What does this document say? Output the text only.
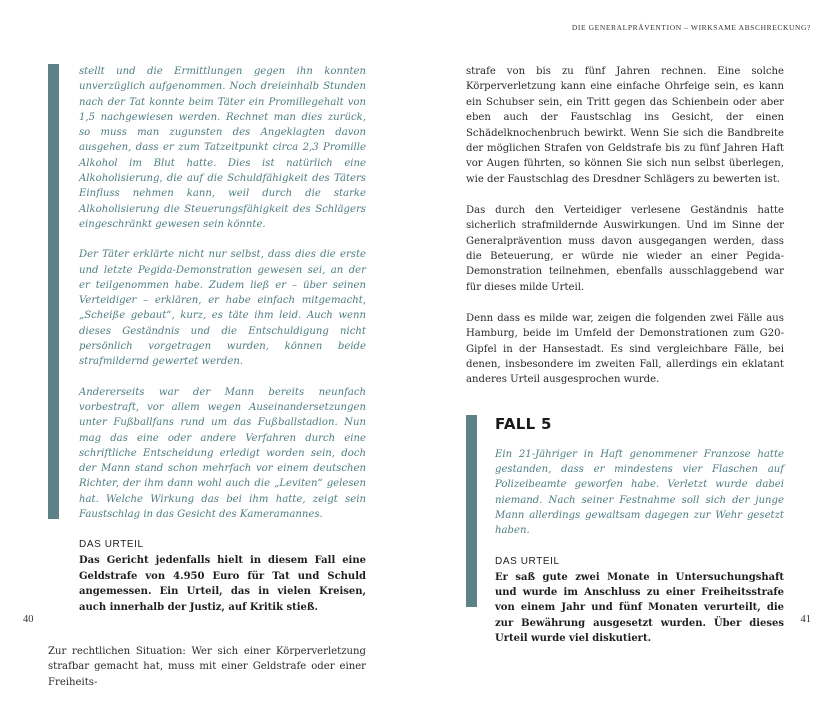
DIE GENERALPRÄVENTION – WIRKSAME ABSCHRECKUNG?

stellt und die Ermittlungen gegen ihn konnten unverzüglich aufgenommen. Noch dreieinhalb Stunden nach der Tat konnte beim Täter ein Promillegehalt von 1,5 nachgewiesen werden. Rechnet man dies zurück, so muss man zugunsten des Angeklagten davon ausgehen, dass er zum Tatzeitpunkt circa 2,3 Promille Alkohol im Blut hatte. Dies ist natürlich eine Alkoholisierung, die auf die Schuldfähigkeit des Täters Einfluss nehmen kann, weil durch die starke Alkoholisierung die Steuerungsfähigkeit des Schlägers eingeschränkt gewesen sein könnte.

Der Täter erklärte nicht nur selbst, dass dies die erste und letzte Pegida-Demonstration gewesen sei, an der er teilgenommen habe. Zudem ließ er – über seinen Verteidiger – erklären, er habe einfach mitgemacht, „Scheiße gebaut“, kurz, es täte ihm leid. Auch wenn dieses Geständnis und die Entschuldigung nicht persönlich vorgetragen wurden, können beide strafmildernd gewertet werden.

Andererseits war der Mann bereits neunfach vorbestraft, vor allem wegen Auseinandersetzungen unter Fußballfans rund um das Fußballstadion. Nun mag das eine oder andere Verfahren durch eine schriftliche Entscheidung erledigt worden sein, doch der Mann stand schon mehrfach vor einem deutschen Richter, der ihm dann wohl auch die „Leviten“ gelesen hat. Welche Wirkung das bei ihm hatte, zeigt sein Faustschlag in das Gesicht des Kameramannes.

DAS URTEIL

Das Gericht jedenfalls hielt in diesem Fall eine Geldstrafe von 4.950 Euro für Tat und Schuld angemessen. Ein Urteil, das in vielen Kreisen, auch innerhalb der Justiz, auf Kritik stieß.

Zur rechtlichen Situation: Wer sich einer Körperverletzung strafbar gemacht hat, muss mit einer Geldstrafe oder einer Freiheits-

strafe von bis zu fünf Jahren rechnen. Eine solche Körperverletzung kann eine einfache Ohrfeige sein, es kann ein Schubser sein, ein Tritt gegen das Schienbein oder aber eben auch der Faustschlag ins Gesicht, der einen Schädelknochenbruch bewirkt. Wenn Sie sich die Bandbreite der möglichen Strafen von Geldstrafe bis zu fünf Jahren Haft vor Augen führten, so können Sie sich nun selbst überlegen, wie der Faustschlag des Dresdner Schlägers zu bewerten ist.

Das durch den Verteidiger verlesene Geständnis hatte sicherlich strafmildernde Auswirkungen. Und im Sinne der Generalprävention muss davon ausgegangen werden, dass die Beteuerung, er würde nie wieder an einer Pegida-Demonstration teilnehmen, ebenfalls ausschlaggebend war für dieses milde Urteil.

Denn dass es milde war, zeigen die folgenden zwei Fälle aus Hamburg, beide im Umfeld der Demonstrationen zum G20-Gipfel in der Hansestadt. Es sind vergleichbare Fälle, bei denen, insbesondere im zweiten Fall, allerdings ein eklatant anderes Urteil ausgesprochen wurde.

FALL 5

Ein 21-Jähriger in Haft genommener Franzose hatte gestanden, dass er mindestens vier Flaschen auf Polizeibeamte geworfen habe. Verletzt wurde dabei niemand. Nach seiner Festnahme soll sich der junge Mann allerdings gewaltsam dagegen zur Wehr gesetzt haben.

DAS URTEIL

Er saß gute zwei Monate in Untersuchungshaft und wurde im Anschluss zu einer Freiheitsstrafe von einem Jahr und fünf Monaten verurteilt, die zur Bewährung ausgesetzt wurden. Über dieses Urteil wurde viel diskutiert.

40	41
